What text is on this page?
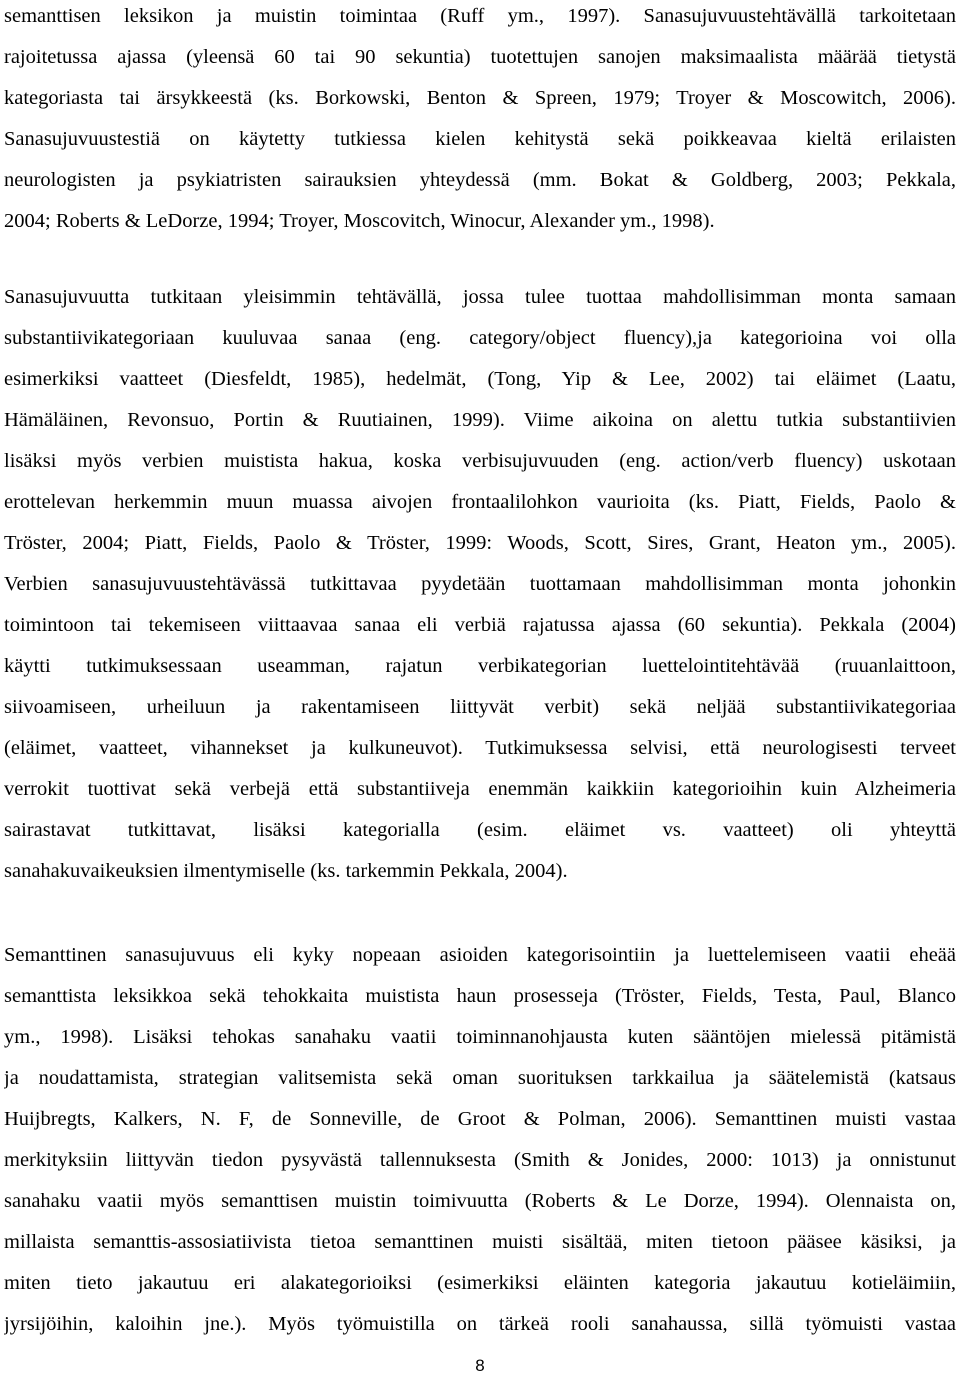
semanttisen leksikon ja muistin toimintaa (Ruff ym., 1997). Sanasujuvuustehtävällä tarkoitetaan
rajoitetussa ajassa (yleensä 60 tai 90 sekuntia) tuotettujen sanojen maksimaalista määrää tietystä
kategoriasta tai ärsykkeestä (ks. Borkowski, Benton & Spreen, 1979; Troyer & Moscowitch, 2006).
Sanasujuvuustestiä on käytetty tutkiessa kielen kehitystä sekä poikkeavaa kieltä erilaisten
neurologisten ja psykiatristen sairauksien yhteydessä (mm. Bokat & Goldberg, 2003; Pekkala,
2004; Roberts & LeDorze, 1994; Troyer, Moscovitch, Winocur, Alexander ym., 1998).
Sanasujuvuutta tutkitaan yleisimmin tehtävällä, jossa tulee tuottaa mahdollisimman monta samaan
substantiivikategoriaan kuuluvaa sanaa (eng. category/object fluency),ja kategorioina voi olla
esimerkiksi vaatteet (Diesfeldt, 1985), hedelmät, (Tong, Yip & Lee, 2002) tai eläimet (Laatu,
Hämäläinen, Revonsuo, Portin & Ruutiainen, 1999). Viime aikoina on alettu tutkia substantiivien
lisäksi myös verbien muistista hakua, koska verbisujuvuuden (eng. action/verb fluency) uskotaan
erottelevan herkemmin muun muassa aivojen frontaalilohkon vaurioita (ks. Piatt, Fields, Paolo &
Tröster, 2004; Piatt, Fields, Paolo & Tröster, 1999: Woods, Scott, Sires, Grant, Heaton ym., 2005).
Verbien sanasujuvuustehtävässä tutkittavaa pyydetään tuottamaan mahdollisimman monta johonkin
toimintoon tai tekemiseen viittaavaa sanaa eli verbiä rajatussa ajassa (60 sekuntia). Pekkala (2004)
käytti tutkimuksessaan useamman, rajatun verbikategorian luettelointitehtävää (ruuanlaittoon,
siivoamiseen, urheiluun ja rakentamiseen liittyvät verbit) sekä neljää substantiivikategoriaa
(eläimet, vaatteet, vihannekset ja kulkuneuvot). Tutkimuksessa selvisi, että neurologisesti terveet
verrokit tuottivat sekä verbejä että substantiiveja enemmän kaikkiin kategorioihin kuin Alzheimeria
sairastavat tutkittavat, lisäksi kategorialla (esim. eläimet vs. vaatteet) oli yhteyttä
sanahakuvaikeuksien ilmentymiselle (ks. tarkemmin Pekkala, 2004).
Semanttinen sanasujuvuus eli kyky nopeaan asioiden kategorisointiin ja luettelemiseen vaatii eheää
semanttista leksikkoa sekä tehokkaita muistista haun prosesseja (Tröster, Fields, Testa, Paul, Blanco
ym., 1998). Lisäksi tehokas sanahaku vaatii toiminnanohjausta kuten sääntöjen mielessä pitämistä
ja noudattamista, strategian valitsemista sekä oman suorituksen tarkkailua ja säätelemistä (katsaus
Huijbregts, Kalkers, N. F, de Sonneville, de Groot & Polman, 2006). Semanttinen muisti vastaa
merkityksiin liittyvän tiedon pysyvästä tallennuksesta (Smith & Jonides, 2000: 1013) ja onnistunut
sanahaku vaatii myös semanttisen muistin toimivuutta (Roberts & Le Dorze, 1994). Olennaista on,
millaista semanttis-assosiatiivista tietoa semanttinen muisti sisältää, miten tietoon pääsee käsiksi, ja
miten tieto jakautuu eri alakategorioiksi (esimerkiksi eläinten kategoria jakautuu kotieläimiin,
jyrsijöihin, kaloihin jne.). Myös työmuistilla on tärkeä rooli sanahaussa, sillä työmuisti vastaa
8
